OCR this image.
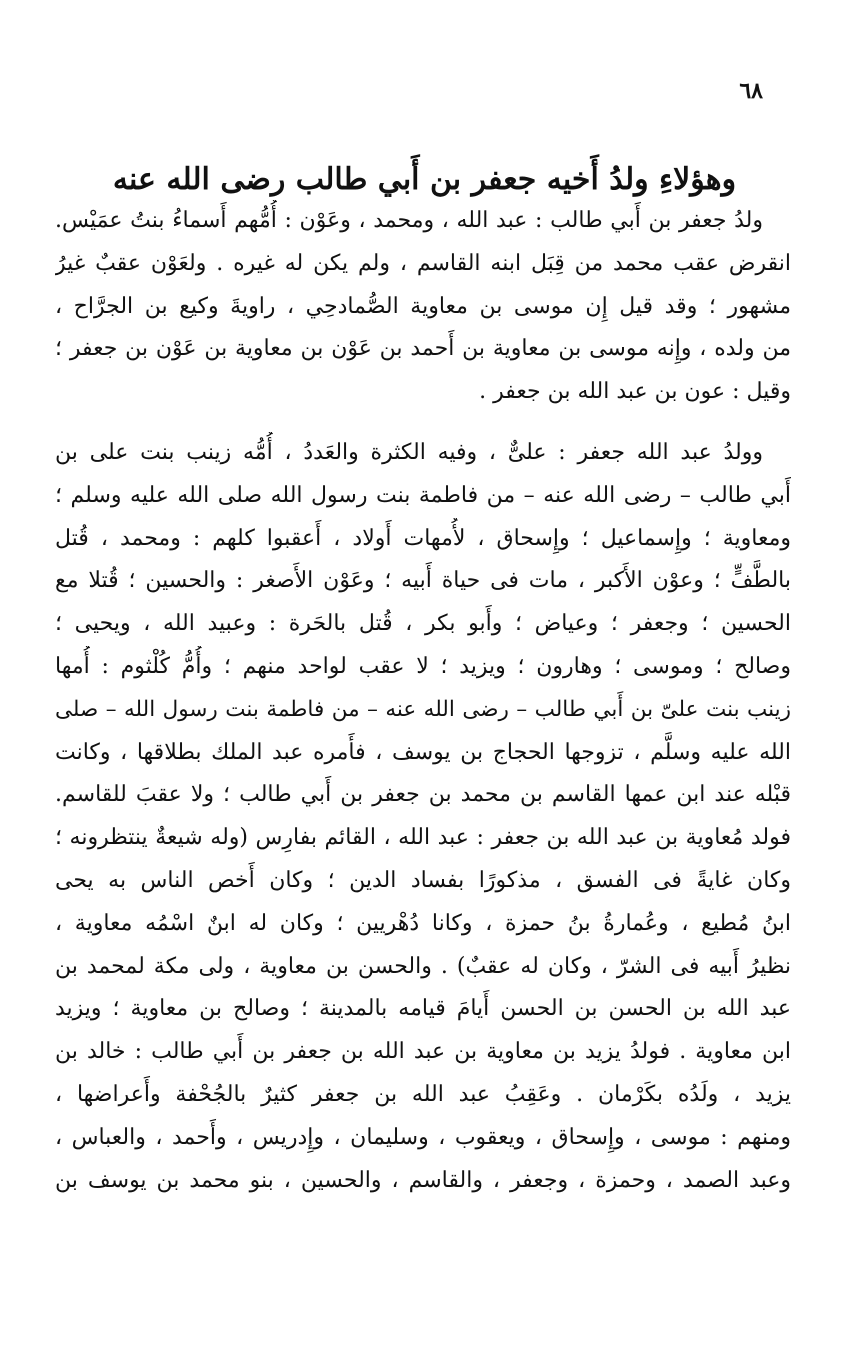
٦٨
وهؤلاءِ ولدُ أَخيه جعفر بن أَبي طالب رضى الله عنه
ولدُ جعفر بن أَبي طالب : عبد الله ، ومحمد ، وعَوْن : أُمُّهم أَسماءُ بنتُ عمَيْس.
انقرض عقب محمد من قِبَل ابنه القاسم ، ولم يكن له غيره . ولعَوْن عقبٌ غيرُ
مشهور ؛ وقد قيل إِن موسى بن معاوية الصُّمادحِي ، راويةَ وكيع بن الجرَّاح ،
من ولده ، وإِنه موسى بن معاوية بن أَحمد بن عَوْن بن معاوية بن عَوْن بن جعفر ؛
وقيل : عون بن عبد الله بن جعفر .
وولدُ عبد الله جعفر : علىٌّ ، وفيه الكثرة والعَددُ ، أُمُّه زينب بنت على بن
أَبي طالب – رضى الله عنه – من فاطمة بنت رسول الله صلى الله عليه وسلم ؛
ومعاوية ؛ وإِسماعيل ؛ وإِسحاق ، لأُمهات أَولاد ، أَعقبوا كلهم : ومحمد ، قُتل
بالطَّفٍّ ؛ وعوْن الأَكبر ، مات فى حياة أَبيه ؛ وعَوْن الأَصغر : والحسين ؛ قُتلا مع
الحسين ؛ وجعفر ؛ وعياض ؛ وأَبو بكر ، قُتل بالحَرة : وعبيد الله ، ويحيى ؛
وصالح ؛ وموسى ؛ وهارون ؛ ويزيد ؛ لا عقب لواحد منهم ؛ وأُمُّ كُلْثوم : أُمها
زينب بنت علىّ بن أَبي طالب – رضى الله عنه – من فاطمة بنت رسول الله – صلى
الله عليه وسلَّم ، تزوجها الحجاج بن يوسف ، فأَمره عبد الملك بطلاقها ، وكانت
قبْله عند ابن عمها القاسم بن محمد بن جعفر بن أَبي طالب ؛ ولا عقبَ للقاسم.
فولد مُعاوية بن عبد الله بن جعفر : عبد الله ، القائم بفارِس (وله شيعةٌ ينتظرونه ؛
وكان غايةً فى الفسق ، مذكورًا بفساد الدين ؛ وكان أَخص الناس به يحى
ابنُ مُطيع ، وعُمارةُ بنُ حمزة ، وكانا دُهْريين ؛ وكان له ابنٌ اسْمُه معاوية ،
نظيرُ أَبيه فى الشرّ ، وكان له عقبٌ) . والحسن بن معاوية ، ولى مكة لمحمد بن
عبد الله بن الحسن بن الحسن أَيامَ قيامه بالمدينة ؛ وصالح بن معاوية ؛ ويزيد
ابن معاوية . فولدُ يزيد بن معاوية بن عبد الله بن جعفر بن أَبي طالب : خالد بن
يزيد ، ولَدُه بكَرْمان . وعَقِبُ عبد الله بن جعفر كثيرٌ بالجُحْفة وأَعراضها ،
ومنهم : موسى ، وإِسحاق ، ويعقوب ، وسليمان ، وإِدريس ، وأَحمد ، والعباس ،
وعبد الصمد ، وحمزة ، وجعفر ، والقاسم ، والحسين ، بنو محمد بن يوسف بن
